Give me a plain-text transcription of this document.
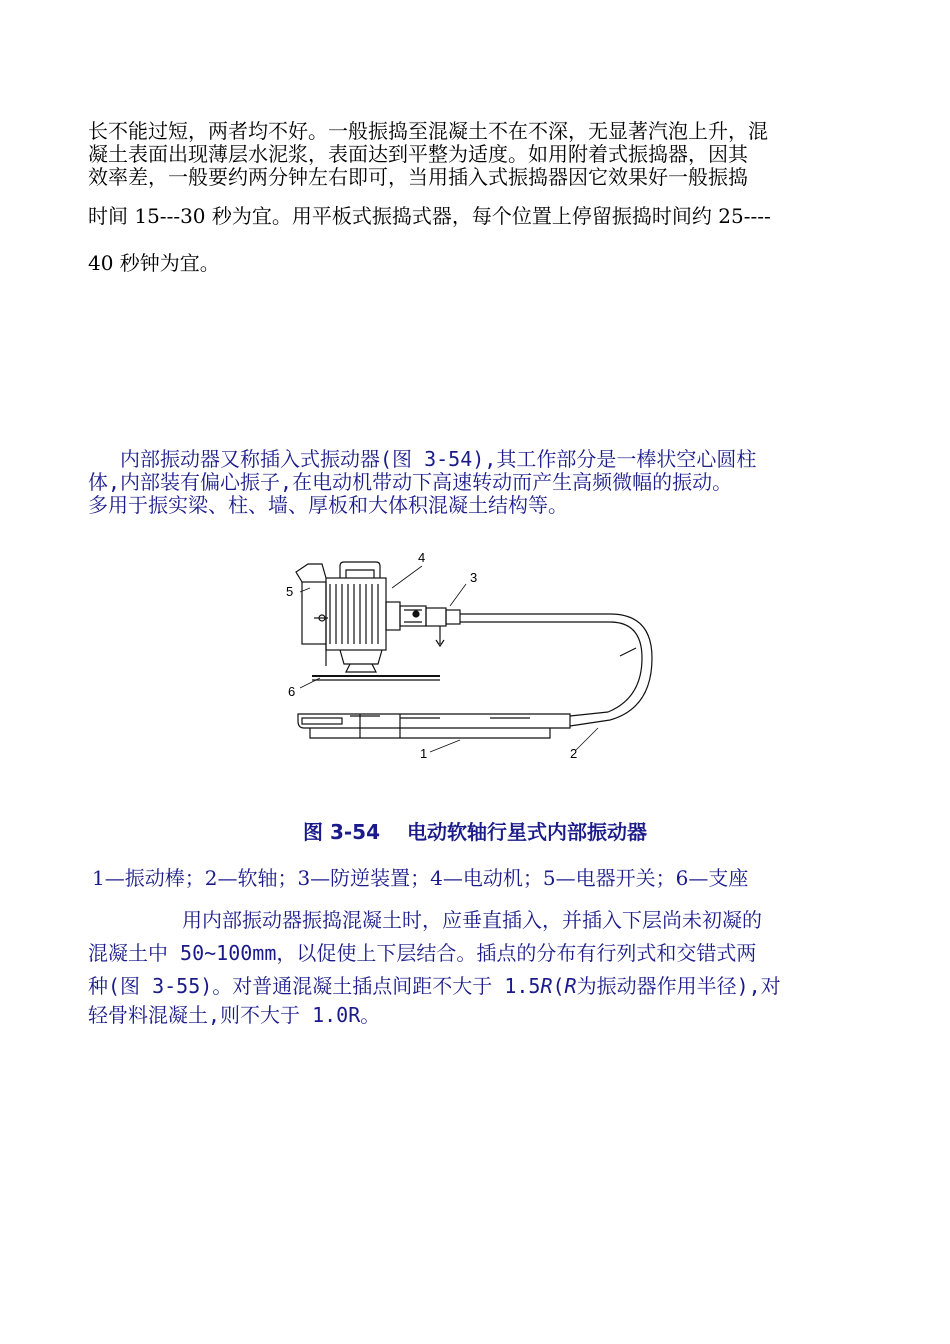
长不能过短，两者均不好。一般振捣至混凝土不在不深，无显著汽泡上升，混
凝土表面出现薄层水泥浆，表面达到平整为适度。如用附着式振捣器，因其
效率差，一般要约两分钟左右即可，当用插入式振捣器因它效果好一般振捣
时间 15---30 秒为宜。用平板式振捣式器，每个位置上停留振捣时间约 25----
40 秒钟为宜。
内部振动器又称插入式振动器(图 3-54),其工作部分是一棒状空心圆柱
体,内部装有偏心振子,在电动机带动下高速转动而产生高频微幅的振动。
多用于振实梁、柱、墙、厚板和大体积混凝土结构等。
4
3
5
6
1	2
图 3-54　 电动软轴行星式内部振动器
1—振动棒；2—软轴；3—防逆装置；4—电动机；5—电器开关；6—支座
用内部振动器振捣混凝土时，应垂直插入，并插入下层尚未初凝的
混凝土中 50~100mm，以促使上下层结合。插点的分布有行列式和交错式两
种(图 3-55)。对普通混凝土插点间距不大于 1.5R(R为振动器作用半径),对
轻骨料混凝土,则不大于 1.0R。
